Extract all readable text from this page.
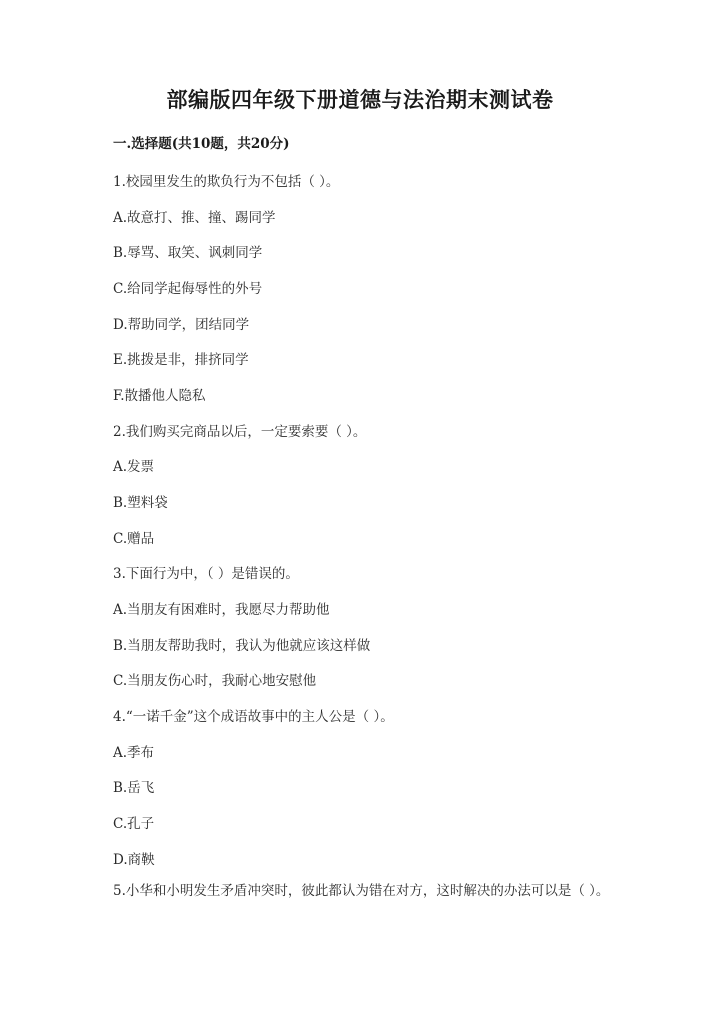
部编版四年级下册道德与法治期末测试卷
一.选择题(共10题，共20分)
1.校园里发生的欺负行为不包括（ ）。
A.故意打、推、撞、踢同学
B.辱骂、取笑、讽刺同学
C.给同学起侮辱性的外号
D.帮助同学，团结同学
E.挑拨是非，排挤同学
F.散播他人隐私
2.我们购买完商品以后，一定要索要（ ）。
A.发票
B.塑料袋
C.赠品
3.下面行为中，（ ）是错误的。
A.当朋友有困难时，我愿尽力帮助他
B.当朋友帮助我时，我认为他就应该这样做
C.当朋友伤心时，我耐心地安慰他
4.“一诺千金”这个成语故事中的主人公是（ ）。
A.季布
B.岳飞
C.孔子
D.商鞅
5.小华和小明发生矛盾冲突时，彼此都认为错在对方，这时解决的办法可以是（ ）。
